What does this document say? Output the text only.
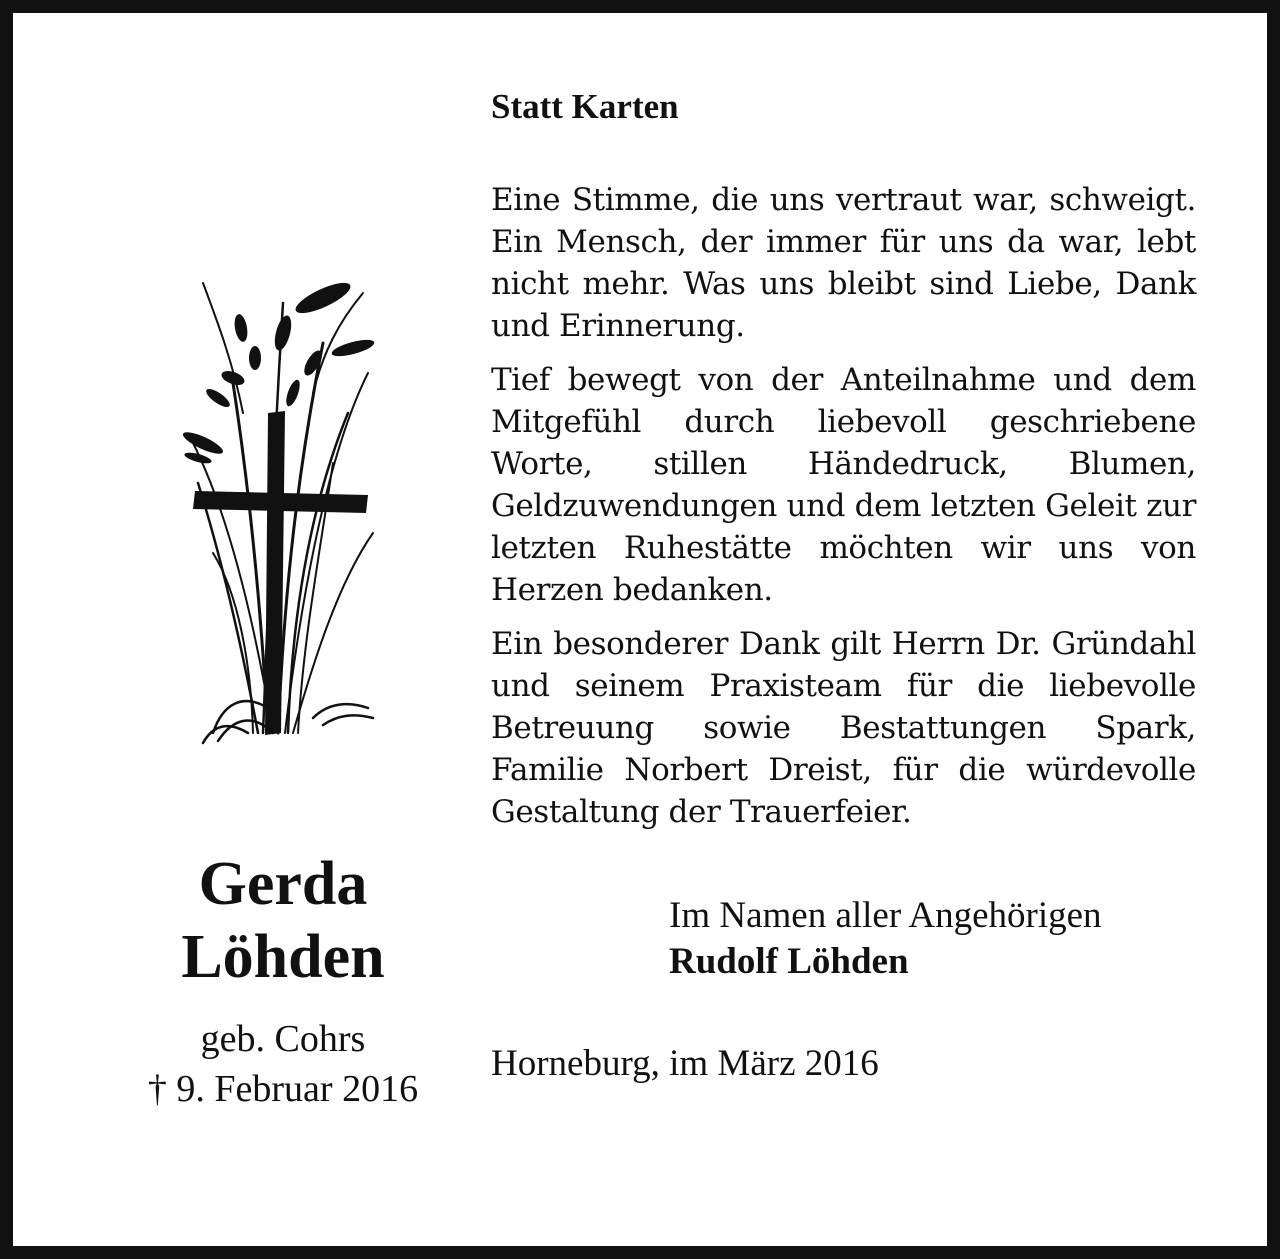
Gerda
Löhden
geb. Cohrs
† 9. Februar 2016
Statt Karten

Eine Stimme, die uns vertraut war, schweigt. Ein Mensch, der immer für uns da war, lebt nicht mehr. Was uns bleibt sind Liebe, Dank und Erinnerung.

Tief bewegt von der Anteilnahme und dem Mitgefühl durch liebevoll geschriebene Worte, stillen Händedruck, Blumen, Geldzuwendungen und dem letzten Geleit zur letzten Ruhestätte möchten wir uns von Herzen bedanken.

Ein besonderer Dank gilt Herrn Dr. Gründahl und seinem Praxisteam für die liebevolle Betreuung sowie Bestattungen Spark, Familie Norbert Dreist, für die würdevolle Gestaltung der Trauerfeier.

Im Namen aller Angehörigen
Rudolf Löhden
Horneburg, im März 2016
